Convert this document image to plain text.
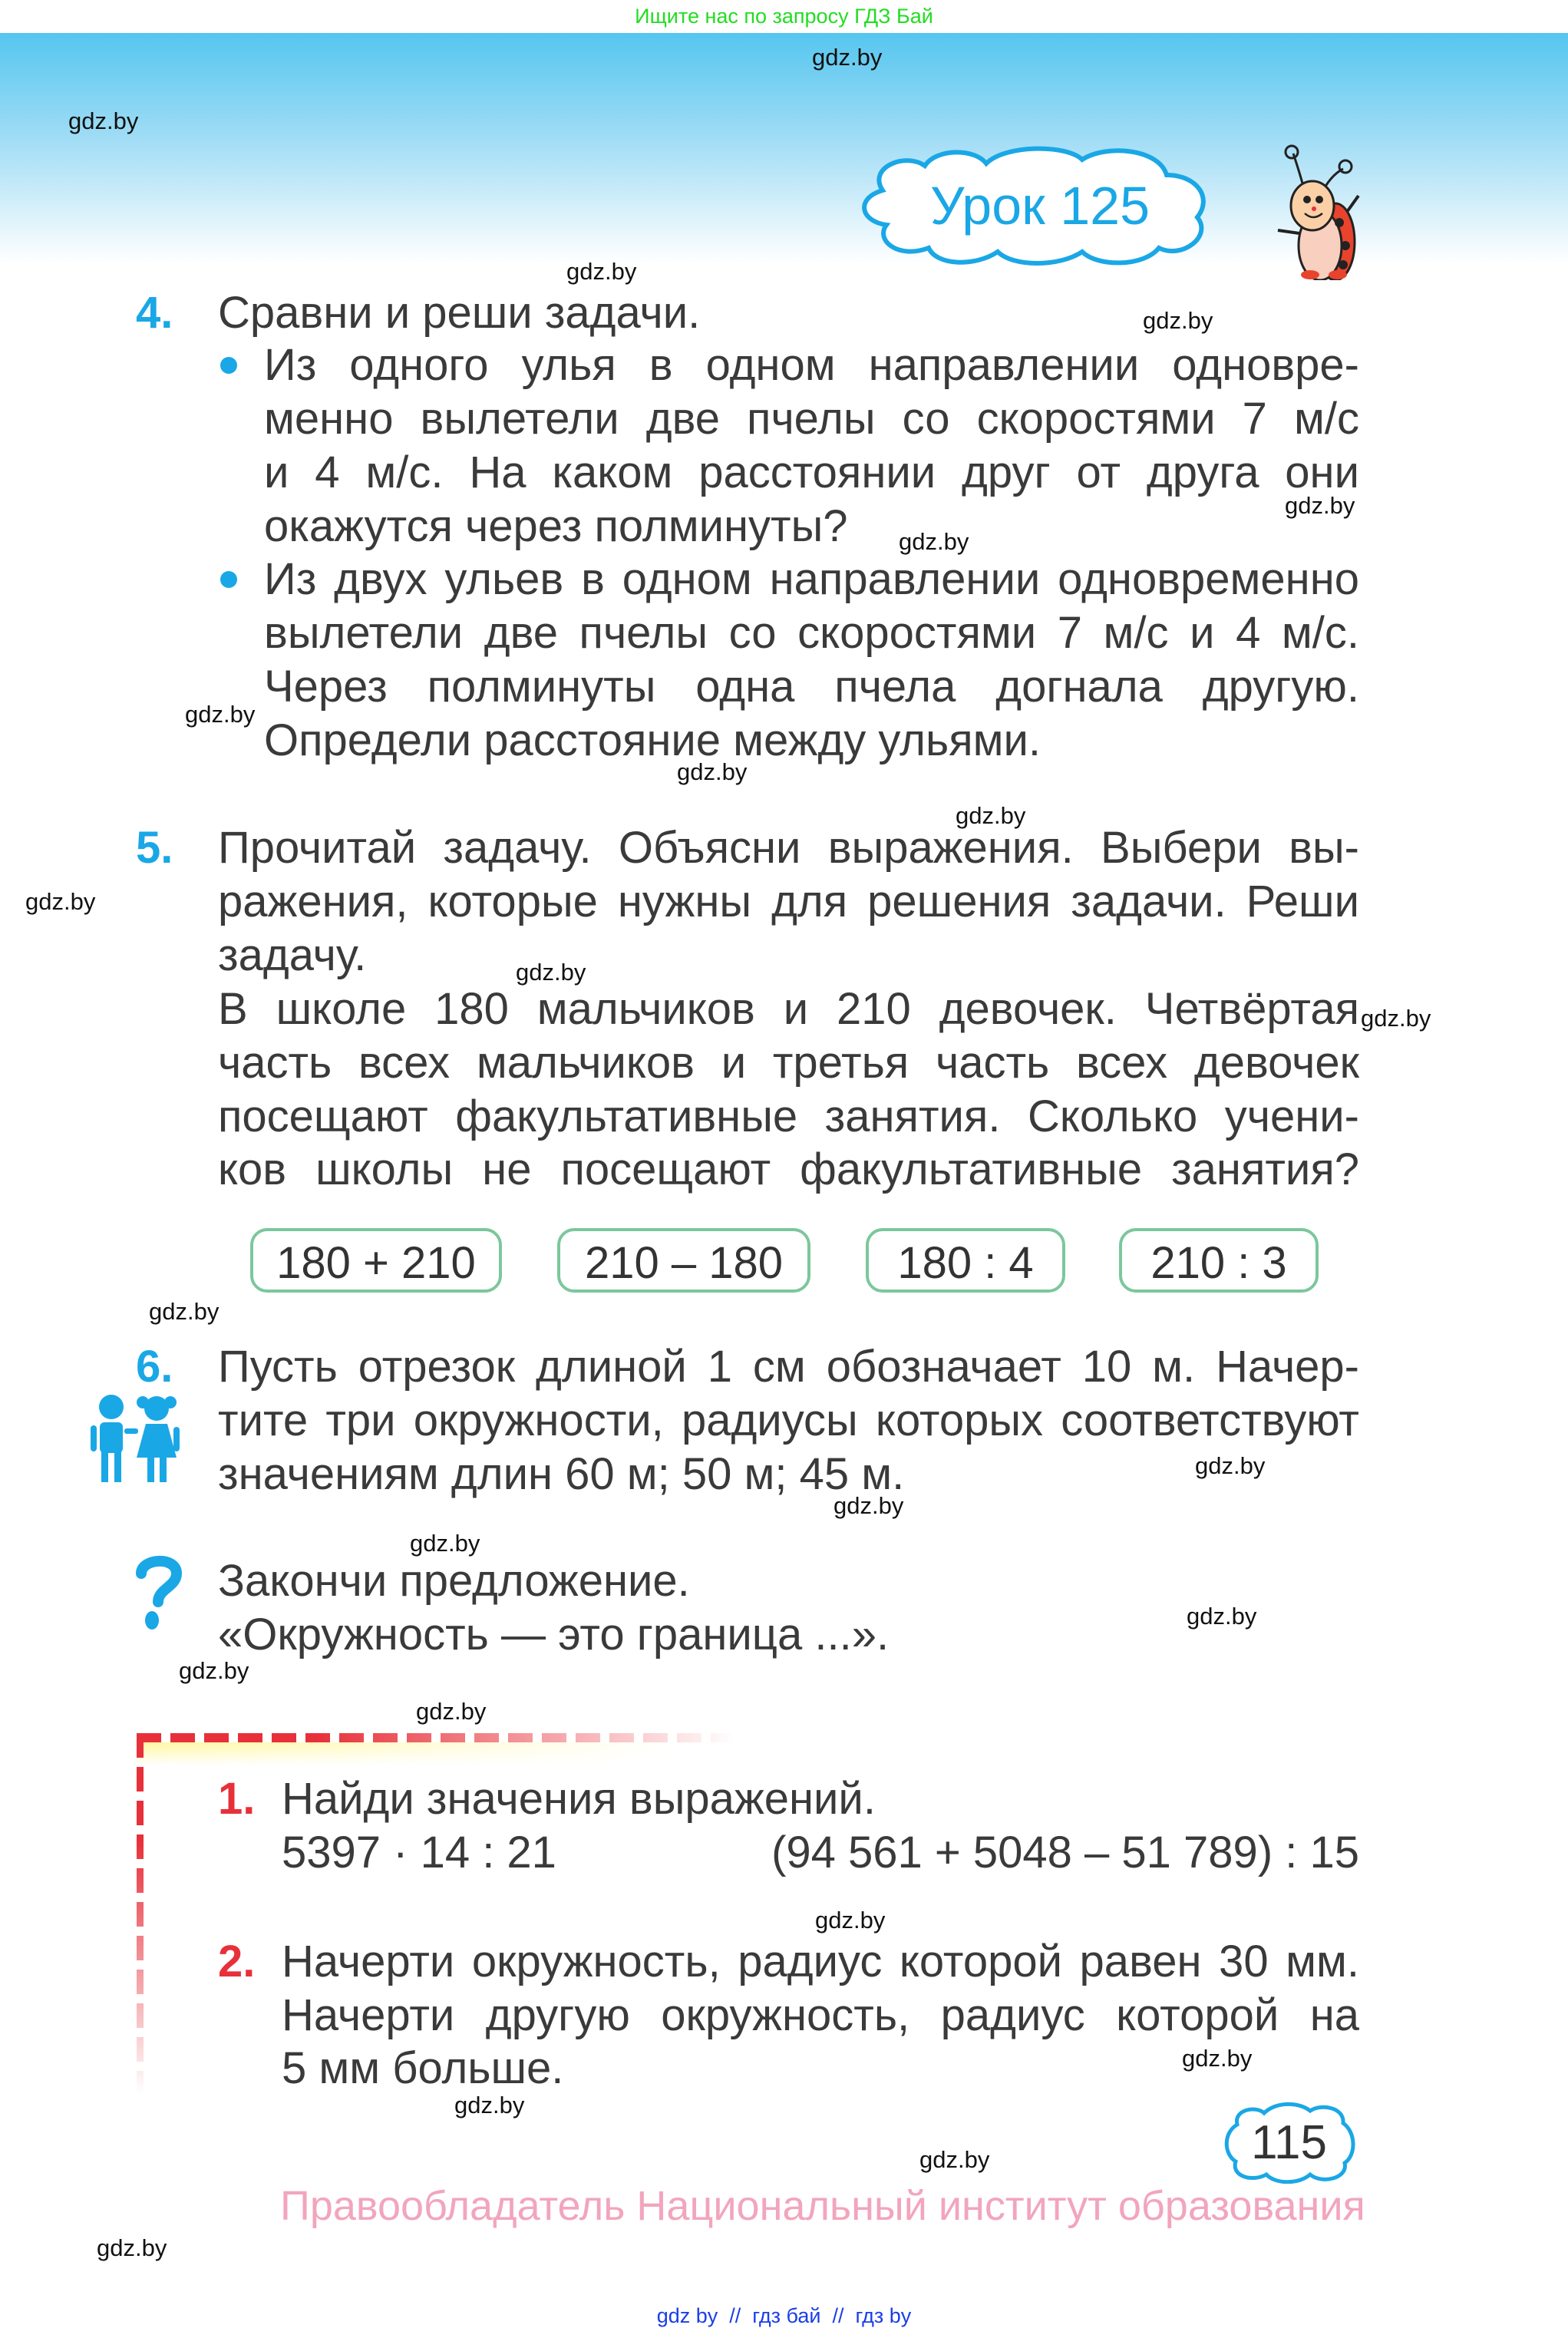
Ищите нас по запросу ГДЗ Бай
Урок 125
gdz.by
gdz.by
gdz.by
gdz.by
gdz.by
gdz.by
gdz.by
gdz.by
gdz.by
gdz.by
gdz.by
gdz.by
gdz.by
gdz.by
gdz.by
gdz.by
gdz.by
gdz.by
gdz.by
gdz.by
gdz.by
gdz.by
gdz.by
gdz.by
4. Сравни и реши задачи.
Из одного улья в одном направлении одновре-
менно вылетели две пчелы со скоростями 7 м/с
и 4 м/с. На каком расстоянии друг от друга они
окажутся через полминуты?
Из двух ульев в одном направлении одновременно
вылетели две пчелы со скоростями 7 м/с и 4 м/с.
Через полминуты одна пчела догнала другую.
Определи расстояние между ульями.
5. Прочитай задачу. Объясни выражения. Выбери вы-
ражения, которые нужны для решения задачи. Реши
задачу.
В школе 180 мальчиков и 210 девочек. Четвёртая
часть всех мальчиков и третья часть всех девочек
посещают факультативные занятия. Сколько учени-
ков школы не посещают факультативные занятия?
180 + 210	210 – 180	180 : 4	210 : 3
6. Пусть отрезок длиной 1 см обозначает 10 м. Начер-
тите три окружности, радиусы которых соответствуют
значениям длин 60 м; 50 м; 45 м.
Закончи предложение.
«Окружность — это граница ...».
1. Найди значения выражений.
5397 · 14 : 21	(94 561 + 5048 – 51 789) : 15
2. Начерти окружность, радиус которой равен 30 мм.
Начерти другую окружность, радиус которой на
5 мм больше.
115
Правообладатель Национальный институт образования
gdz by  //  гдз бай  //  гдз by
